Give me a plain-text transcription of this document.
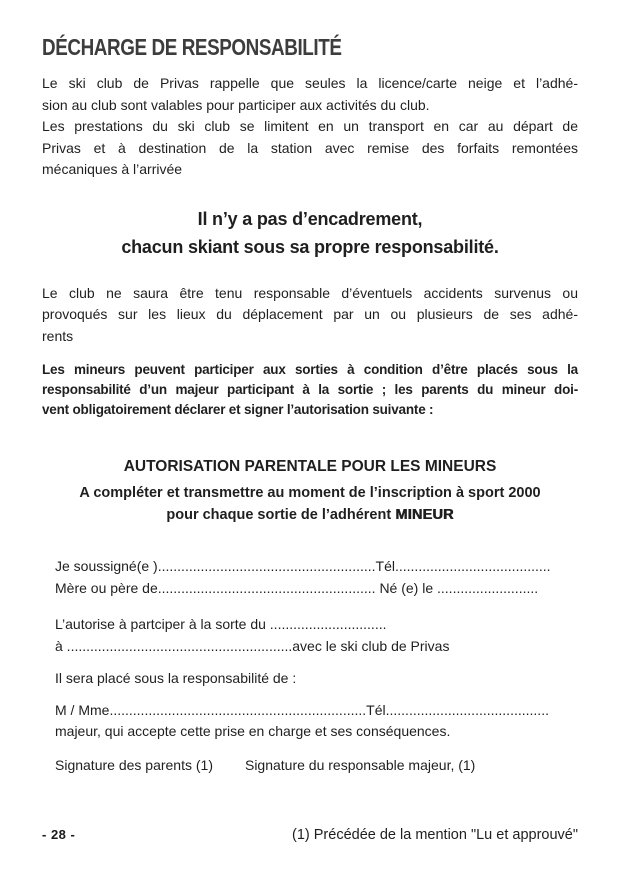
DÉCHARGE DE RESPONSABILITÉ
Le ski club de Privas rappelle que seules la licence/carte neige et l’adhé-
sion au club sont valables pour participer aux activités du club.
Les prestations du ski club se limitent en un transport en car au départ de
Privas et à destination de la station avec remise des forfaits remontées
mécaniques à l’arrivée
Il n’y a pas d’encadrement,
chacun skiant sous sa propre responsabilité.
Le club ne saura être tenu responsable d’éventuels accidents survenus ou
provoqués sur les lieux du déplacement par un ou plusieurs de ses adhé-
rents
Les mineurs peuvent participer aux sorties à condition d’être placés sous la
responsabilité d’un majeur participant à la sortie ; les parents du mineur doi-
vent obligatoirement déclarer et signer l’autorisation suivante :
AUTORISATION PARENTALE POUR LES MINEURS
A compléter et transmettre au moment de l’inscription à sport 2000
pour chaque sortie de l’adhérent MINEUR
Je soussigné(e )........................................................Tél........................................
Mère ou père de........................................................ Né (e) le ..........................
L’autorise à partciper à la sorte du ..............................
à ..........................................................avec le ski club de Privas
Il sera placé sous la responsabilité de :
M / Mme..................................................................Tél..........................................
majeur, qui accepte cette prise en charge et ses conséquences.
Signature des parents (1) Signature du responsable majeur, (1)
- 28 -	(1) Précédée de la mention "Lu et approuvé"
